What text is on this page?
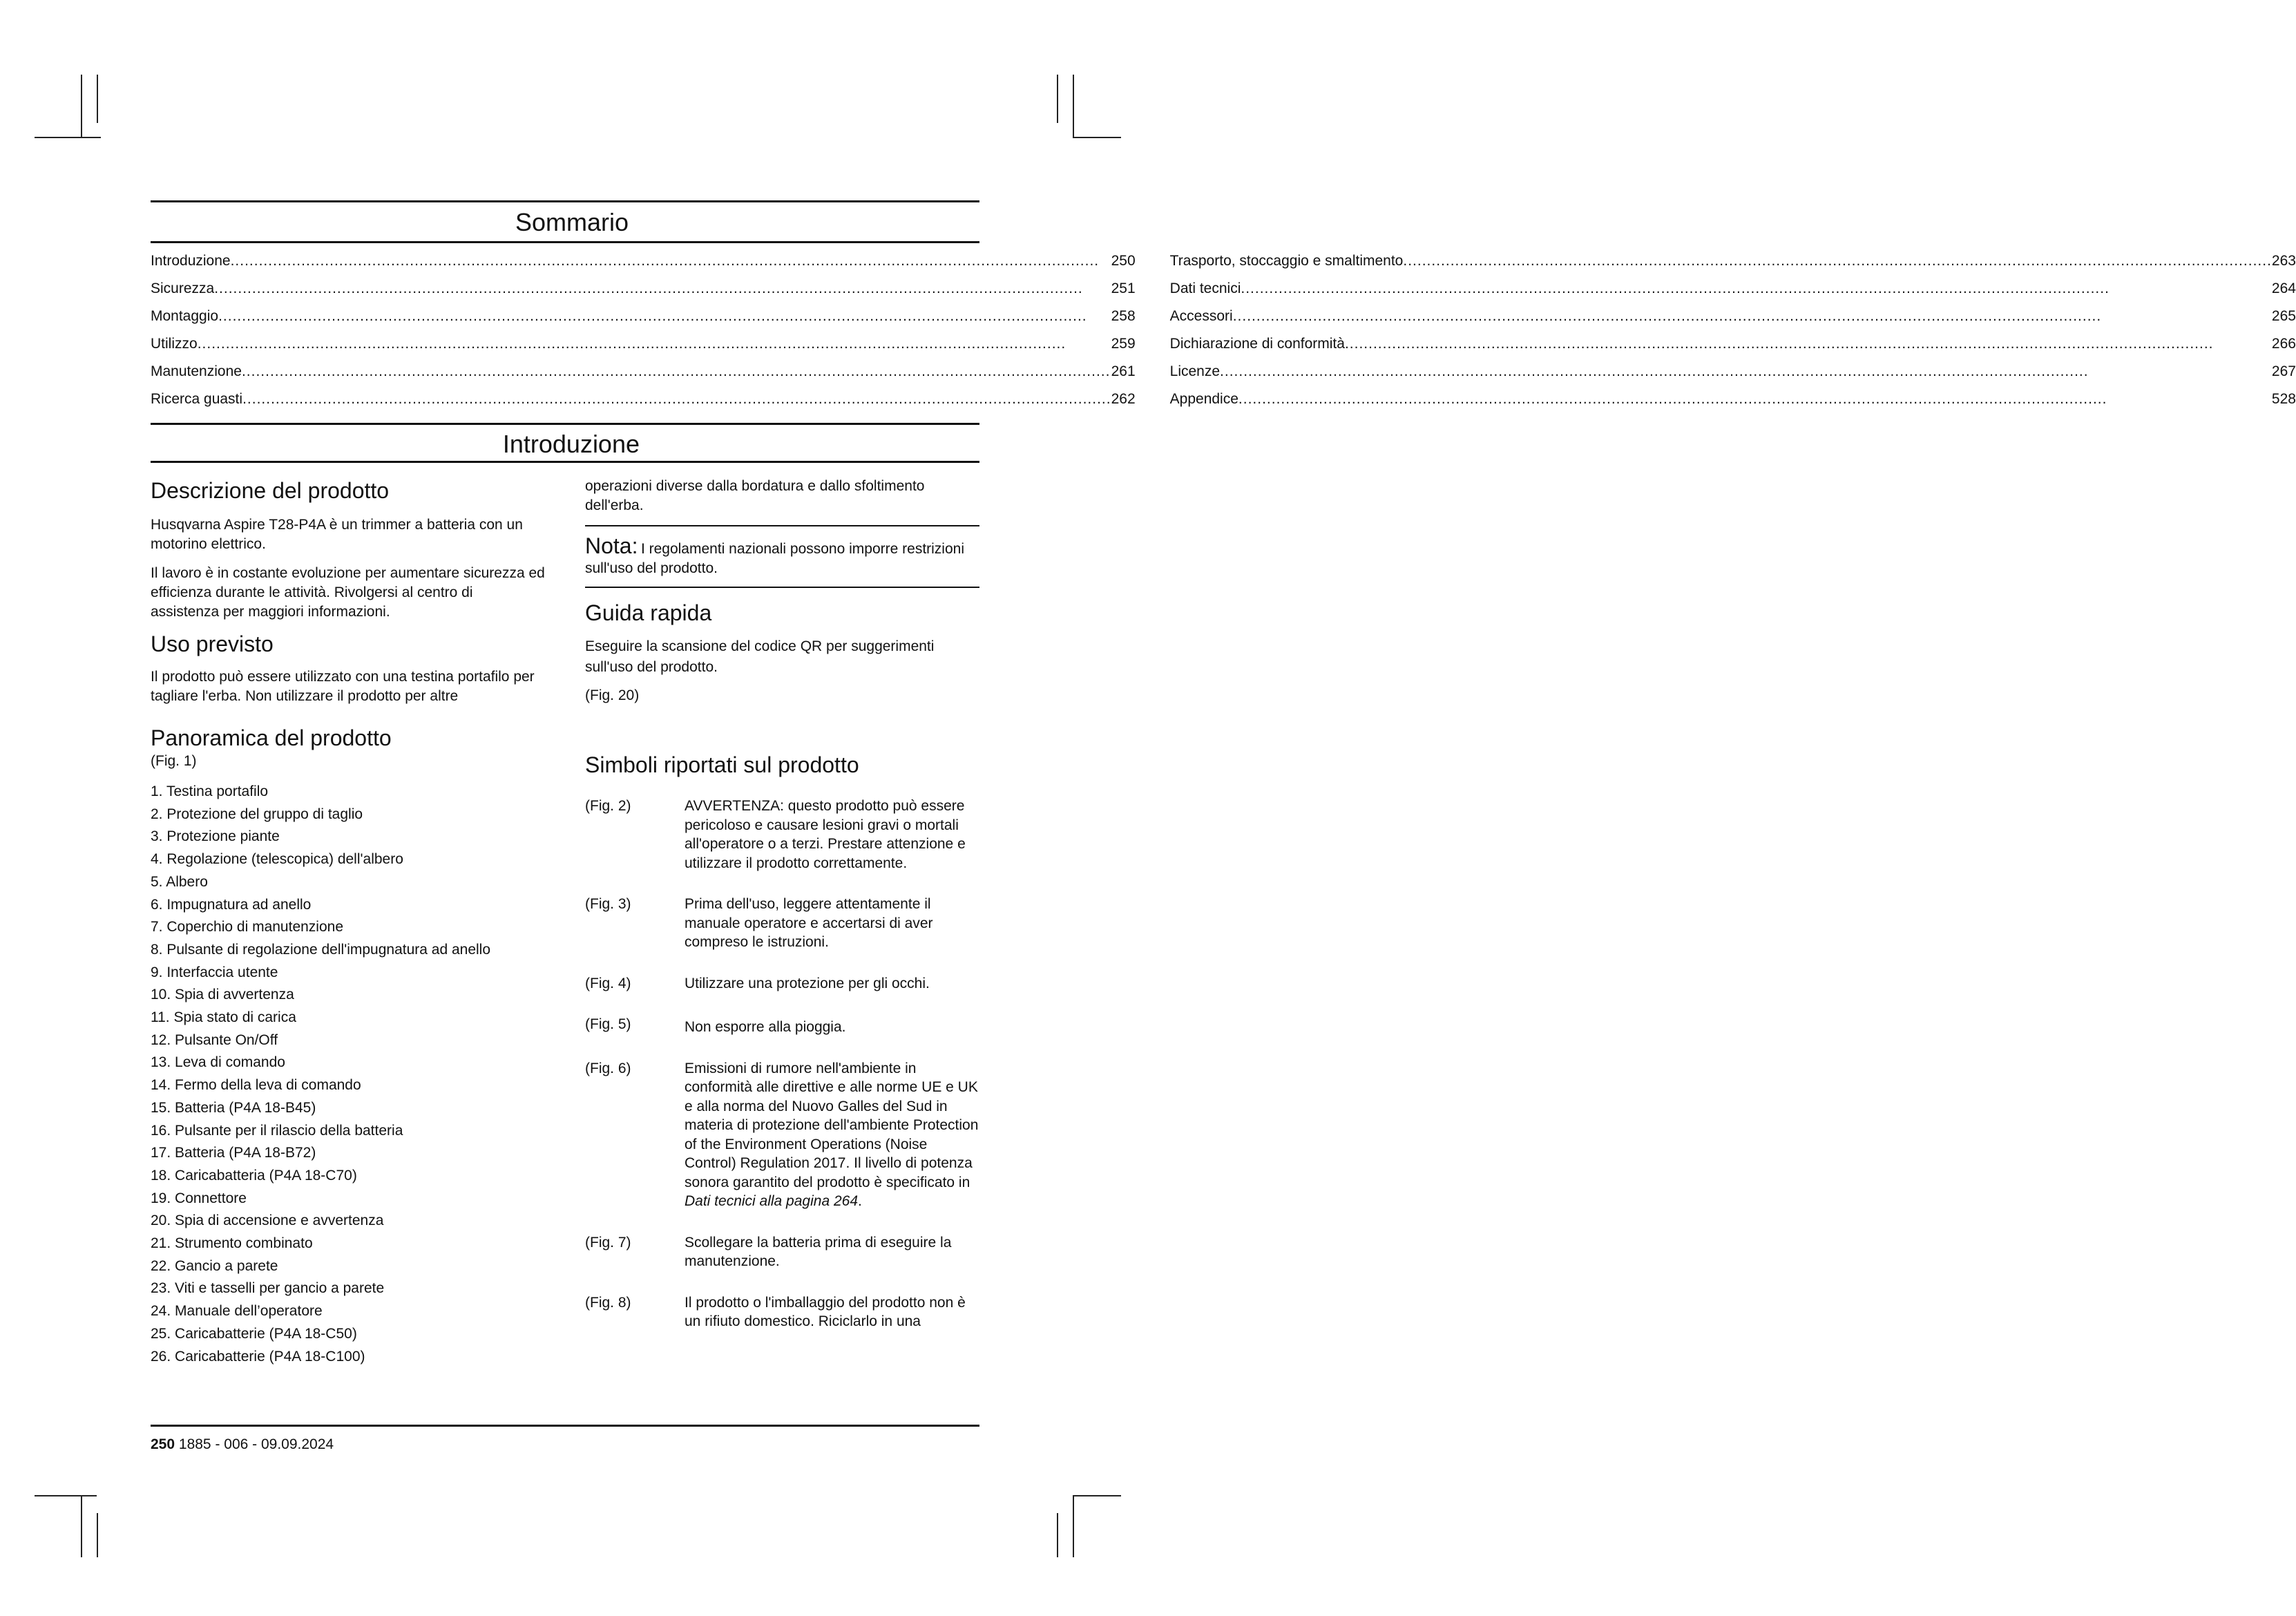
Sommario
Introduzione .....	250
Sicurezza .....	251
Montaggio .....	258
Utilizzo .....	259
Manutenzione .....	261
Ricerca guasti .....	262
Trasporto, stoccaggio e smaltimento .....	263
Dati tecnici .....	264
Accessori .....	265
Dichiarazione di conformità .....	266
Licenze .....	267
Appendice .....	528
Introduzione
Descrizione del prodotto

Husqvarna Aspire T28-P4A è un trimmer a batteria con un motorino elettrico.

Il lavoro è in costante evoluzione per aumentare sicurezza ed efficienza durante le attività. Rivolgersi al centro di assistenza per maggiori informazioni.

Uso previsto

Il prodotto può essere utilizzato con una testina portafilo per tagliare l'erba. Non utilizzare il prodotto per altre

Panoramica del prodotto

(Fig. 1)

1. Testina portafilo
2. Protezione del gruppo di taglio
3. Protezione piante
4. Regolazione (telescopica) dell'albero
5. Albero
6. Impugnatura ad anello
7. Coperchio di manutenzione
8. Pulsante di regolazione dell'impugnatura ad anello
9. Interfaccia utente
10. Spia di avvertenza
11. Spia stato di carica
12. Pulsante On/Off
13. Leva di comando
14. Fermo della leva di comando
15. Batteria (P4A 18-B45)
16. Pulsante per il rilascio della batteria
17. Batteria (P4A 18-B72)
18. Caricabatteria (P4A 18-C70)
19. Connettore
20. Spia di accensione e avvertenza
21. Strumento combinato
22. Gancio a parete
23. Viti e tasselli per gancio a parete
24. Manuale dell’operatore
25. Caricabatterie (P4A 18-C50)
26. Caricabatterie (P4A 18-C100)

operazioni diverse dalla bordatura e dallo sfoltimento dell'erba.

Nota: I regolamenti nazionali possono imporre restrizioni sull'uso del prodotto.
Guida rapida

Eseguire la scansione del codice QR per suggerimenti sull'uso del prodotto.

(Fig. 20)

Simboli riportati sul prodotto
(Fig. 2)	AVVERTENZA: questo prodotto può essere pericoloso e causare lesioni gravi o mortali all'operatore o a terzi. Prestare attenzione e utilizzare il prodotto correttamente.
(Fig. 3)	Prima dell'uso, leggere attentamente il manuale operatore e accertarsi di aver compreso le istruzioni.
(Fig. 4)	Utilizzare una protezione per gli occhi.
(Fig. 5)	Non esporre alla pioggia.
(Fig. 6)	Emissioni di rumore nell'ambiente in conformità alle direttive e alle norme UE e UK e alla norma del Nuovo Galles del Sud in materia di protezione dell'ambiente Protection of the Environment Operations (Noise Control) Regulation 2017. Il livello di potenza sonora garantito del prodotto è specificato in Dati tecnici alla pagina 264.
(Fig. 7)	Scollegare la batteria prima di eseguire la manutenzione.
(Fig. 8)	Il prodotto o l'imballaggio del prodotto non è un rifiuto domestico. Riciclarlo in una
250 1885 - 006 - 09.09.2024
